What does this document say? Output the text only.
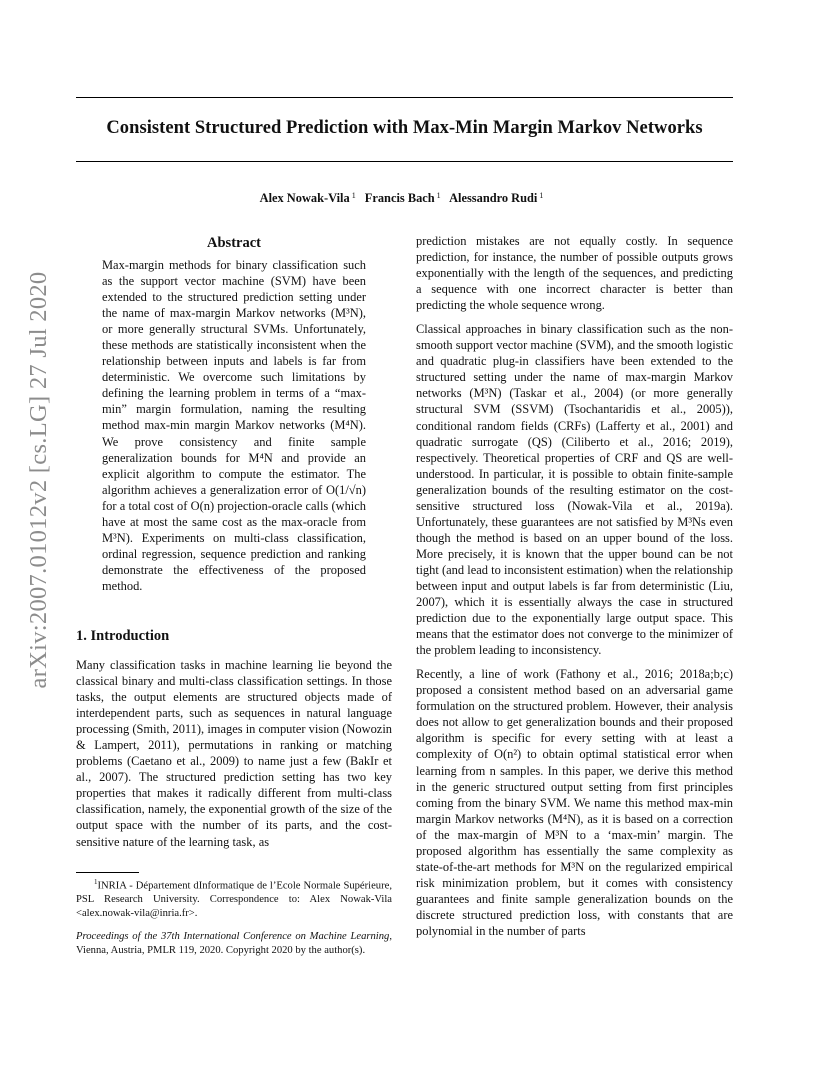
arXiv:2007.01012v2 [cs.LG] 27 Jul 2020
Consistent Structured Prediction with Max-Min Margin Markov Networks
Alex Nowak-Vila $^1$ Francis Bach $^1$ Alessandro Rudi $^1$
Abstract

Max-margin methods for binary classification such as the support vector machine (SVM) have been extended to the structured prediction setting under the name of max-margin Markov networks (M³N), or more generally structural SVMs. Unfortunately, these methods are statistically inconsistent when the relationship between inputs and labels is far from deterministic. We overcome such limitations by defining the learning problem in terms of a “max-min” margin formulation, naming the resulting method max-min margin Markov networks (M⁴N). We prove consistency and finite sample generalization bounds for M⁴N and provide an explicit algorithm to compute the estimator. The algorithm achieves a generalization error of O(1/√n) for a total cost of O(n) projection-oracle calls (which have at most the same cost as the max-oracle from M³N). Experiments on multi-class classification, ordinal regression, sequence prediction and ranking demonstrate the effectiveness of the proposed method.

1. Introduction

Many classification tasks in machine learning lie beyond the classical binary and multi-class classification settings. In those tasks, the output elements are structured objects made of interdependent parts, such as sequences in natural language processing (Smith, 2011), images in computer vision (Nowozin & Lampert, 2011), permutations in ranking or matching problems (Caetano et al., 2009) to name just a few (BakIr et al., 2007). The structured prediction setting has two key properties that makes it radically different from multi-class classification, namely, the exponential growth of the size of the output space with the number of its parts, and the cost-sensitive nature of the learning task, as

prediction mistakes are not equally costly. In sequence prediction, for instance, the number of possible outputs grows exponentially with the length of the sequences, and predicting a sequence with one incorrect character is better than predicting the whole sequence wrong.

Classical approaches in binary classification such as the non-smooth support vector machine (SVM), and the smooth logistic and quadratic plug-in classifiers have been extended to the structured setting under the name of max-margin Markov networks (M³N) (Taskar et al., 2004) (or more generally structural SVM (SSVM) (Tsochantaridis et al., 2005)), conditional random fields (CRFs) (Lafferty et al., 2001) and quadratic surrogate (QS) (Ciliberto et al., 2016; 2019), respectively. Theoretical properties of CRF and QS are well-understood. In particular, it is possible to obtain finite-sample generalization bounds of the resulting estimator on the cost-sensitive structured loss (Nowak-Vila et al., 2019a). Unfortunately, these guarantees are not satisfied by M³Ns even though the method is based on an upper bound of the loss. More precisely, it is known that the upper bound can be not tight (and lead to inconsistent estimation) when the relationship between input and output labels is far from deterministic (Liu, 2007), which it is essentially always the case in structured prediction due to the exponentially large output space. This means that the estimator does not converge to the minimizer of the problem leading to inconsistency.

Recently, a line of work (Fathony et al., 2016; 2018a;b;c) proposed a consistent method based on an adversarial game formulation on the structured problem. However, their analysis does not allow to get generalization bounds and their proposed algorithm is specific for every setting with at least a complexity of O(n²) to obtain optimal statistical error when learning from n samples. In this paper, we derive this method in the generic structured output setting from first principles coming from the binary SVM. We name this method max-min margin Markov networks (M⁴N), as it is based on a correction of the max-margin of M³N to a ‘max-min’ margin. The proposed algorithm has essentially the same complexity as state-of-the-art methods for M³N on the regularized empirical risk minimization problem, but it comes with consistency guarantees and finite sample generalization bounds on the discrete structured prediction loss, with constants that are polynomial in the number of parts

$^1$INRIA - Département dInformatique de l’Ecole Normale Supérieure, PSL Research University. Correspondence to: Alex Nowak-Vila <alex.nowak-vila@inria.fr>.
Proceedings of the 37th International Conference on Machine Learning, Vienna, Austria, PMLR 119, 2020. Copyright 2020 by the author(s).
